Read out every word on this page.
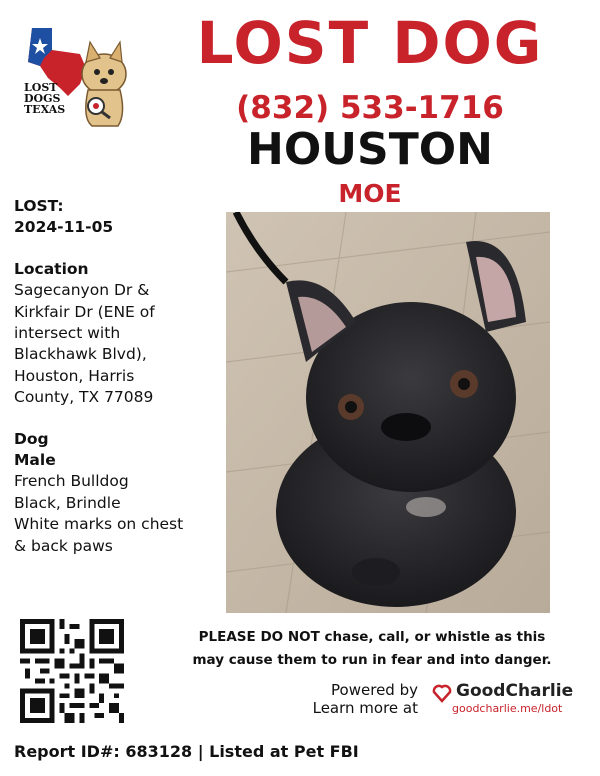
LOST
DOGS
TEXAS
LOST DOG
(832) 533-1716
HOUSTON
MOE
LOST:
2024-11-05
Location
Sagecanyon Dr &
Kirkfair Dr (ENE of
intersect with
Blackhawk Blvd),
Houston, Harris
County, TX 77089
Dog
Male
French Bulldog
Black, Brindle
White marks on chest
& back paws
PLEASE DO NOT chase, call, or whistle as this
may cause them to run in fear and into danger.
Powered by
Learn more at
GoodCharlie
goodcharlie.me/ldot
Report ID#: 683128 | Listed at Pet FBI
